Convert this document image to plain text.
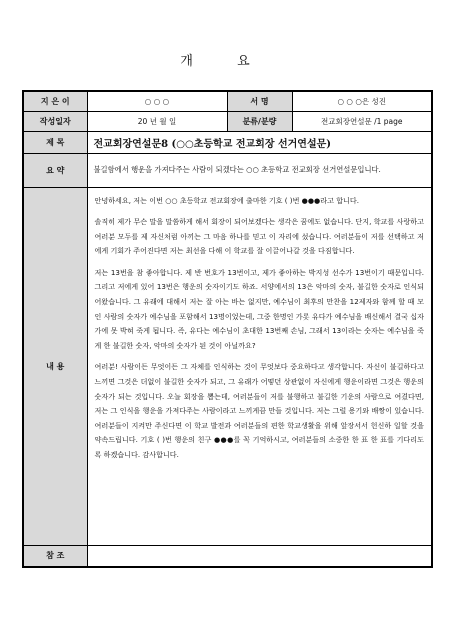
개 요
지 은 이	○ ○ ○	서 명	○ ○ ○은 성진
작성일자	20 년 월 일	분류/분량	전교회장연설문 /1 page
제 목	전교회장연설문8 (○○초등학교 전교회장 선거연설문)		
요 약	불길함에서 행운을 가져다주는 사람이 되겠다는 ○○ 초등학교 전교회장 선거연설문입니다.		
내 용	안녕하세요, 저는 이번 ○○ 초등학교 전교회장에 출마한 기호 ( )번 ●●●라고 합니다.

솔직히 제가 무슨 말을 말씀하게 해서 회장이 되어보겠다는 생각은 꿈에도 없습니다. 단지, 학교를 사랑하고 여러분 모두를 제 자신처럼 아끼는 그 마음 하나를 믿고 이 자리에 섰습니다. 여러분들이 저를 선택하고 저에게 기회가 주어진다면 저는 최선을 다해 이 학교를 잘 이끌어나갈 것을 다짐합니다.

저는 13번을 참 좋아합니다. 제 반 번호가 13번이고, 제가 좋아하는 박지성 선수가 13번이기 때문입니다. 그리고 저에게 있어 13번은 행운의 숫자이기도 하죠. 서양에서의 13은 악마의 숫자, 불길한 숫자로 인식되어왔습니다. 그 유래에 대해서 저는 잘 아는 바는 없지만, 예수님이 최후의 만찬을 12제자와 함께 할 때 모인 사람의 숫자가 예수님을 포함해서 13명이었는데, 그중 한명인 가롯 유다가 예수님을 배신해서 결국 십자가에 못 박혀 죽게 됩니다. 즉, 유다는 예수님이 초대한 13번째 손님, 그래서 13이라는 숫자는 예수님을 죽게 한 불길한 숫자, 악마의 숫자가 된 것이 아닐까요?

여러분! 사람이든 무엇이든 그 자체를 인식하는 것이 무엇보다 중요하다고 생각합니다. 자신이 불길하다고 느끼면 그것은 더없이 불길한 숫자가 되고, 그 유래가 어떻던 상관없이 자신에게 행운이라면 그것은 행운의 숫자가 되는 것입니다. 오늘 회장을 뽑는데, 여러분들이 저를 불행하고 불길한 기운의 사람으로 여겼다면, 저는 그 인식을 행운을 가져다주는 사람이라고 느끼게끔 만들 것입니다. 저는 그럴 용기와 배짱이 있습니다. 여러분들이 지켜만 주신다면 이 학교 발전과 여러분들의 편한 학교생활을 위해 앞장서서 헌신하 일할 것을 약속드립니다. 기호 ( )번 행운의 친구 ●●●를 꼭 기억하시고, 여러분들의 소중한 한 표 한 표를 기다리도록 하겠습니다. 감사합니다.		

참 조			
